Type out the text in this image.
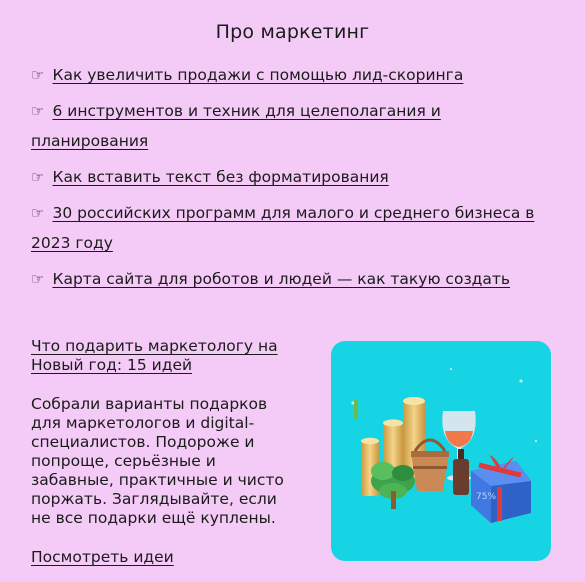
Про маркетинг
☞ Как увеличить продажи с помощью лид-скоринга
☞ 6 инструментов и техник для целеполагания и планирования
☞ Как вставить текст без форматирования
☞ 30 российских программ для малого и среднего бизнеса в 2023 году
☞ Карта сайта для роботов и людей — как такую создать
Что подарить маркетологу на Новый год: 15 идей
Собрали варианты подарков для маркетологов и digital-специалистов. Подороже и попроще, серьёзные и забавные, практичные и чисто поржать. Заглядывайте, если не все подарки ещё куплены.
Посмотреть идеи
75%
